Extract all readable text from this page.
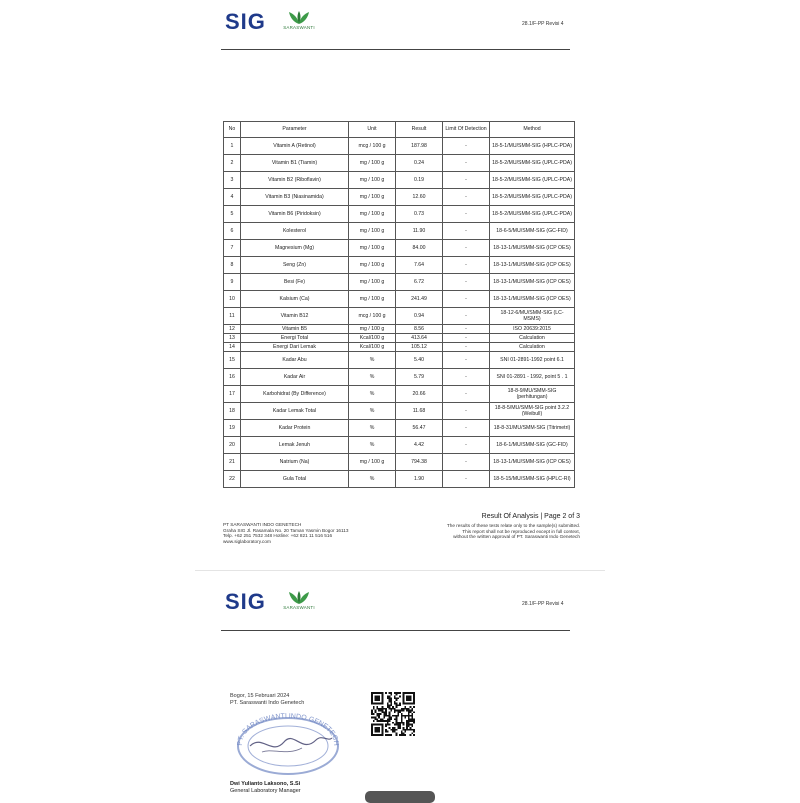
SIG	SARASWANTI
28.1/F-PP Revisi 4
No	Parameter	Unit	Result	Limit Of Detection	Method
1	Vitamin A (Retinol)	mcg / 100 g	187.98	-	18-5-1/MU/SMM-SIG (HPLC-PDA)
2	Vitamin B1 (Tiamin)	mg / 100 g	0.24	-	18-5-2/MU/SMM-SIG (UPLC-PDA)
3	Vitamin B2 (Riboflavin)	mg / 100 g	0.19	-	18-5-2/MU/SMM-SIG (UPLC-PDA)
4	Vitamin B3 (Niasinamida)	mg / 100 g	12.60	-	18-5-2/MU/SMM-SIG (UPLC-PDA)
5	Vitamin B6 (Piridoksin)	mg / 100 g	0.73	-	18-5-2/MU/SMM-SIG (UPLC-PDA)
6	Kolesterol	mg / 100 g	11.90	-	18-6-5/MU/SMM-SIG (GC-FID)
7	Magnesium (Mg)	mg / 100 g	84.00	-	18-13-1/MU/SMM-SIG (ICP OES)
8	Seng (Zn)	mg / 100 g	7.64	-	18-13-1/MU/SMM-SIG (ICP OES)
9	Besi (Fe)	mg / 100 g	6.72	-	18-13-1/MU/SMM-SIG (ICP OES)
10	Kalsium (Ca)	mg / 100 g	241.49	-	18-13-1/MU/SMM-SIG (ICP OES)
11	Vitamin B12	mcg / 100 g	0.94	-	18-12-6/MU/SMM-SIG (LC-MSMS)
12	Vitamin B5	mg / 100 g	8.56	-	ISO 20639:2015
13	Energi Total	Kcal/100 g	413.64	-	Calculation
14	Energi Dari Lemak	Kcal/100 g	105.12	-	Calculation
15	Kadar Abu	%	5.40	-	SNI 01-2891-1992 point 6.1
16	Kadar Air	%	5.79	-	SNI 01-2891 - 1992, point 5 . 1
17	Karbohidrat (By Difference)	%	20.66	-	18-8-9/MU/SMM-SIG (perhitungan)
18	Kadar Lemak Total	%	11.68	-	18-8-5/MU/SMM-SIG point 3.2.2 (Weibull)
19	Kadar Protein	%	56.47	-	18-8-31/MU/SMM-SIG (Titrimetri)
20	Lemak Jenuh	%	4.42	-	18-6-1/MU/SMM-SIG (GC-FID)
21	Natrium (Na)	mg / 100 g	794.38	-	18-13-1/MU/SMM-SIG (ICP OES)
22	Gula Total	%	1.90	-	18-5-15/MU/SMM-SIG (HPLC-RI)
Result Of Analysis | Page 2 of 3
The results of these tests relate only to the sample(s) submitted.
This report shall not be reproduced except in full context,
without the written approval of PT. Saraswanti Indo Genetech
PT SARASWANTI INDO GENETECH
Graha SIG Jl. Rasamala No. 20 Taman Yasmin Bogor 16113
Telp. +62 251 7532 348 Hotline: +62 821 11 516 516
www.siglaboratory.com
SIG	SARASWANTI
28.1/F-PP Revisi 4
Bogor, 15 Februari 2024
PT. Saraswanti Indo Genetech
PT. SARASWANTI INDO GENETECH
Dwi Yulianto Laksono, S.Si
General Laboratory Manager
